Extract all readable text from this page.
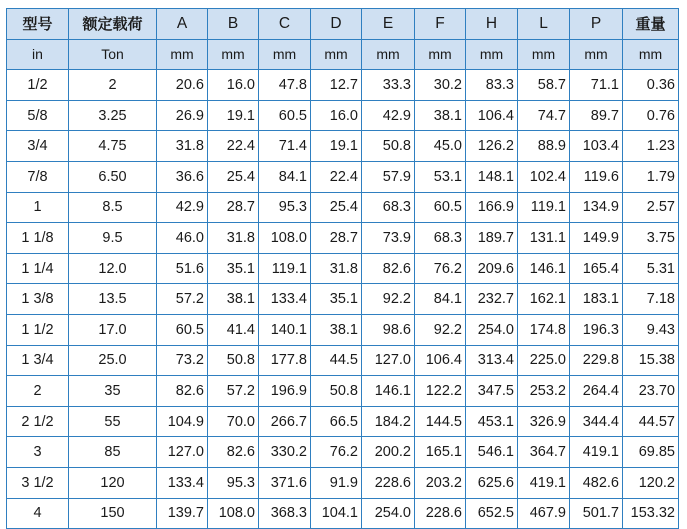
型号	额定载荷	A	B	C	D	E	F	H	L	P	重量
in	Ton	mm	mm	mm	mm	mm	mm	mm	mm	mm	mm
1/2	2	20.6	16.0	47.8	12.7	33.3	30.2	83.3	58.7	71.1	0.36
5/8	3.25	26.9	19.1	60.5	16.0	42.9	38.1	106.4	74.7	89.7	0.76
3/4	4.75	31.8	22.4	71.4	19.1	50.8	45.0	126.2	88.9	103.4	1.23
7/8	6.50	36.6	25.4	84.1	22.4	57.9	53.1	148.1	102.4	119.6	1.79
1	8.5	42.9	28.7	95.3	25.4	68.3	60.5	166.9	119.1	134.9	2.57
1 1/8	9.5	46.0	31.8	108.0	28.7	73.9	68.3	189.7	131.1	149.9	3.75
1 1/4	12.0	51.6	35.1	119.1	31.8	82.6	76.2	209.6	146.1	165.4	5.31
1 3/8	13.5	57.2	38.1	133.4	35.1	92.2	84.1	232.7	162.1	183.1	7.18
1 1/2	17.0	60.5	41.4	140.1	38.1	98.6	92.2	254.0	174.8	196.3	9.43
1 3/4	25.0	73.2	50.8	177.8	44.5	127.0	106.4	313.4	225.0	229.8	15.38
2	35	82.6	57.2	196.9	50.8	146.1	122.2	347.5	253.2	264.4	23.70
2 1/2	55	104.9	70.0	266.7	66.5	184.2	144.5	453.1	326.9	344.4	44.57
3	85	127.0	82.6	330.2	76.2	200.2	165.1	546.1	364.7	419.1	69.85
3 1/2	120	133.4	95.3	371.6	91.9	228.6	203.2	625.6	419.1	482.6	120.2
4	150	139.7	108.0	368.3	104.1	254.0	228.6	652.5	467.9	501.7	153.32
